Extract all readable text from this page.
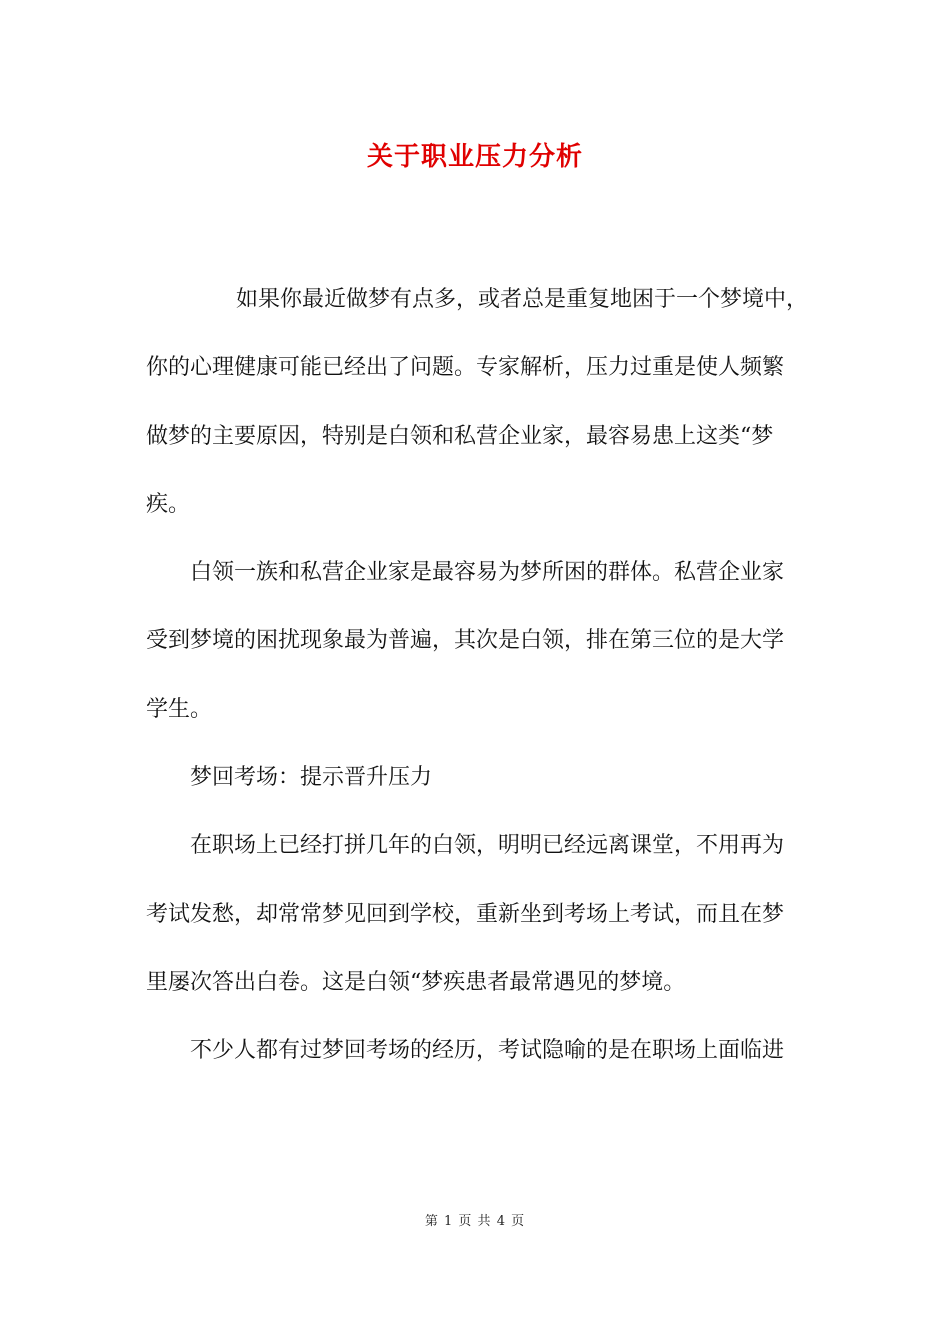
关于职业压力分析
如果你最近做梦有点多，或者总是重复地困于一个梦境中，
你的心理健康可能已经出了问题。专家解析，压力过重是使人频繁
做梦的主要原因，特别是白领和私营企业家，最容易患上这类“梦
疾。
白领一族和私营企业家是最容易为梦所困的群体。私营企业家
受到梦境的困扰现象最为普遍，其次是白领，排在第三位的是大学
学生。
梦回考场：提示晋升压力
在职场上已经打拼几年的白领，明明已经远离课堂，不用再为
考试发愁，却常常梦见回到学校，重新坐到考场上考试，而且在梦
里屡次答出白卷。这是白领“梦疾患者最常遇见的梦境。
不少人都有过梦回考场的经历，考试隐喻的是在职场上面临进
第 1 页 共 4 页
